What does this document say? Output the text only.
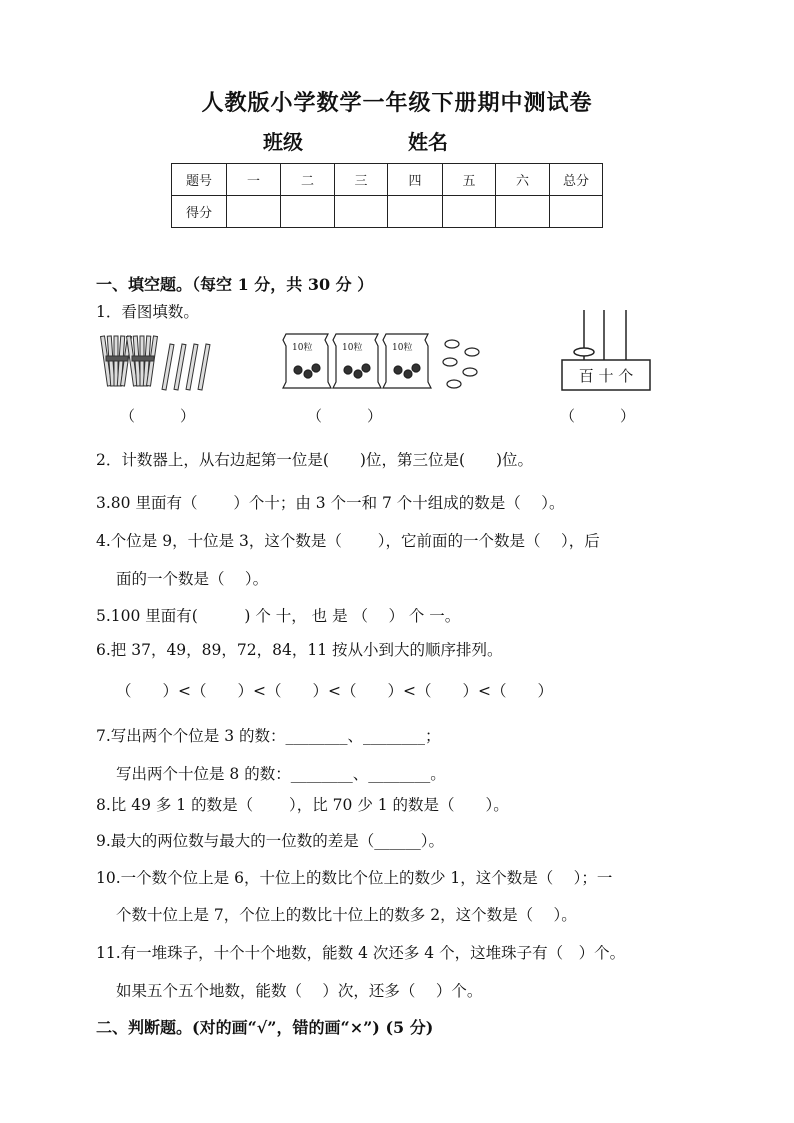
人教版小学数学一年级下册期中测试卷
班级	姓名
题号	一	二	三	四	五	六	总分
得分							
一、填空题。（每空 1 分，共 30 分 ）
1．看图填数。
10粒	10粒	10粒
百 十 个
（　　　）	（　　　）	（　　　）
2．计数器上，从右边起第一位是(　　)位，第三位是(　　)位。
3.80 里面有（　　 ）个十；由 3 个一和 7 个十组成的数是（　 ）。
4.个位是 9，十位是 3，这个数是（　　 ），它前面的一个数是（　 ），后
面的一个数是（　 ）。
5.100 里面有(　　　) 个 十， 也 是 （　 ） 个 一。
6.把 37，49，89，72，84，11 按从小到大的顺序排列。
（　　）<（　　）<（　　）<（　　）<（　　）<（　　）
7.写出两个个位是 3 的数：________、________；
写出两个十位是 8 的数：________、________。
8.比 49 多 1 的数是（　　 ），比 70 少 1 的数是（　　）。
9.最大的两位数与最大的一位数的差是（______）。
10.一个数个位上是 6，十位上的数比个位上的数少 1，这个数是（　 ）；一
个数十位上是 7，个位上的数比十位上的数多 2，这个数是（　 ）。
11.有一堆珠子，十个十个地数，能数 4 次还多 4 个，这堆珠子有（　）个。
如果五个五个地数，能数（　 ）次，还多（　 ）个。
二、判断题。(对的画“√”，错的画“×”) (5 分)
